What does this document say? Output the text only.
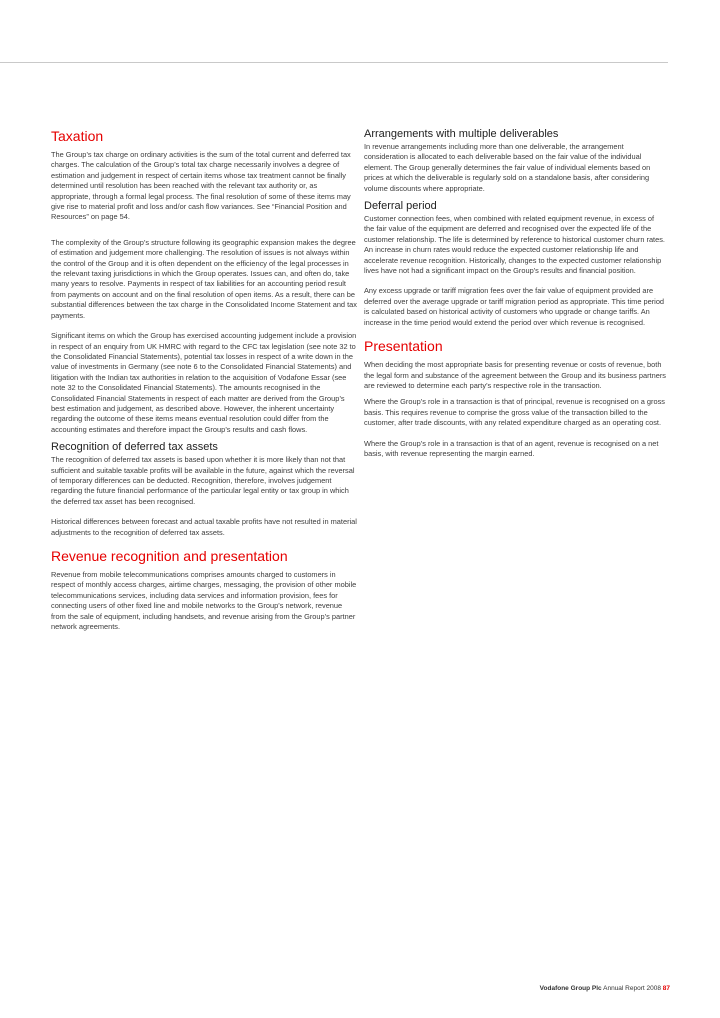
Taxation

The Group’s tax charge on ordinary activities is the sum of the total current and deferred tax charges. The calculation of the Group’s total tax charge necessarily involves a degree of estimation and judgement in respect of certain items whose tax treatment cannot be finally determined until resolution has been reached with the relevant tax authority or, as appropriate, through a formal legal process. The final resolution of some of these items may give rise to material profit and loss and/or cash flow variances. See “Financial Position and Resources” on page 54.

The complexity of the Group’s structure following its geographic expansion makes the degree of estimation and judgement more challenging. The resolution of issues is not always within the control of the Group and it is often dependent on the efficiency of the legal processes in the relevant taxing jurisdictions in which the Group operates. Issues can, and often do, take many years to resolve. Payments in respect of tax liabilities for an accounting period result from payments on account and on the final resolution of open items. As a result, there can be substantial differences between the tax charge in the Consolidated Income Statement and tax payments.

Significant items on which the Group has exercised accounting judgement include a provision in respect of an enquiry from UK HMRC with regard to the CFC tax legislation (see note 32 to the Consolidated Financial Statements), potential tax losses in respect of a write down in the value of investments in Germany (see note 6 to the Consolidated Financial Statements) and litigation with the Indian tax authorities in relation to the acquisition of Vodafone Essar (see note 32 to the Consolidated Financial Statements). The amounts recognised in the Consolidated Financial Statements in respect of each matter are derived from the Group’s best estimation and judgement, as described above. However, the inherent uncertainty regarding the outcome of these items means eventual resolution could differ from the accounting estimates and therefore impact the Group’s results and cash flows.

Recognition of deferred tax assets

The recognition of deferred tax assets is based upon whether it is more likely than not that sufficient and suitable taxable profits will be available in the future, against which the reversal of temporary differences can be deducted. Recognition, therefore, involves judgement regarding the future financial performance of the particular legal entity or tax group in which the deferred tax asset has been recognised.

Historical differences between forecast and actual taxable profits have not resulted in material adjustments to the recognition of deferred tax assets.

Revenue recognition and presentation

Revenue from mobile telecommunications comprises amounts charged to customers in respect of monthly access charges, airtime charges, messaging, the provision of other mobile telecommunications services, including data services and information provision, fees for connecting users of other fixed line and mobile networks to the Group’s network, revenue from the sale of equipment, including handsets, and revenue arising from the Group’s partner network agreements.

Arrangements with multiple deliverables

In revenue arrangements including more than one deliverable, the arrangement consideration is allocated to each deliverable based on the fair value of the individual element. The Group generally determines the fair value of individual elements based on prices at which the deliverable is regularly sold on a standalone basis, after considering volume discounts where appropriate.

Deferral period

Customer connection fees, when combined with related equipment revenue, in excess of the fair value of the equipment are deferred and recognised over the expected life of the customer relationship. The life is determined by reference to historical customer churn rates. An increase in churn rates would reduce the expected customer relationship life and accelerate revenue recognition. Historically, changes to the expected customer relationship lives have not had a significant impact on the Group’s results and financial position.

Any excess upgrade or tariff migration fees over the fair value of equipment provided are deferred over the average upgrade or tariff migration period as appropriate. This time period is calculated based on historical activity of customers who upgrade or change tariffs. An increase in the time period would extend the period over which revenue is recognised.

Presentation

When deciding the most appropriate basis for presenting revenue or costs of revenue, both the legal form and substance of the agreement between the Group and its business partners are reviewed to determine each party’s respective role in the transaction.

Where the Group’s role in a transaction is that of principal, revenue is recognised on a gross basis. This requires revenue to comprise the gross value of the transaction billed to the customer, after trade discounts, with any related expenditure charged as an operating cost.

Where the Group’s role in a transaction is that of an agent, revenue is recognised on a net basis, with revenue representing the margin earned.

Vodafone Group Plc Annual Report 2008 87
